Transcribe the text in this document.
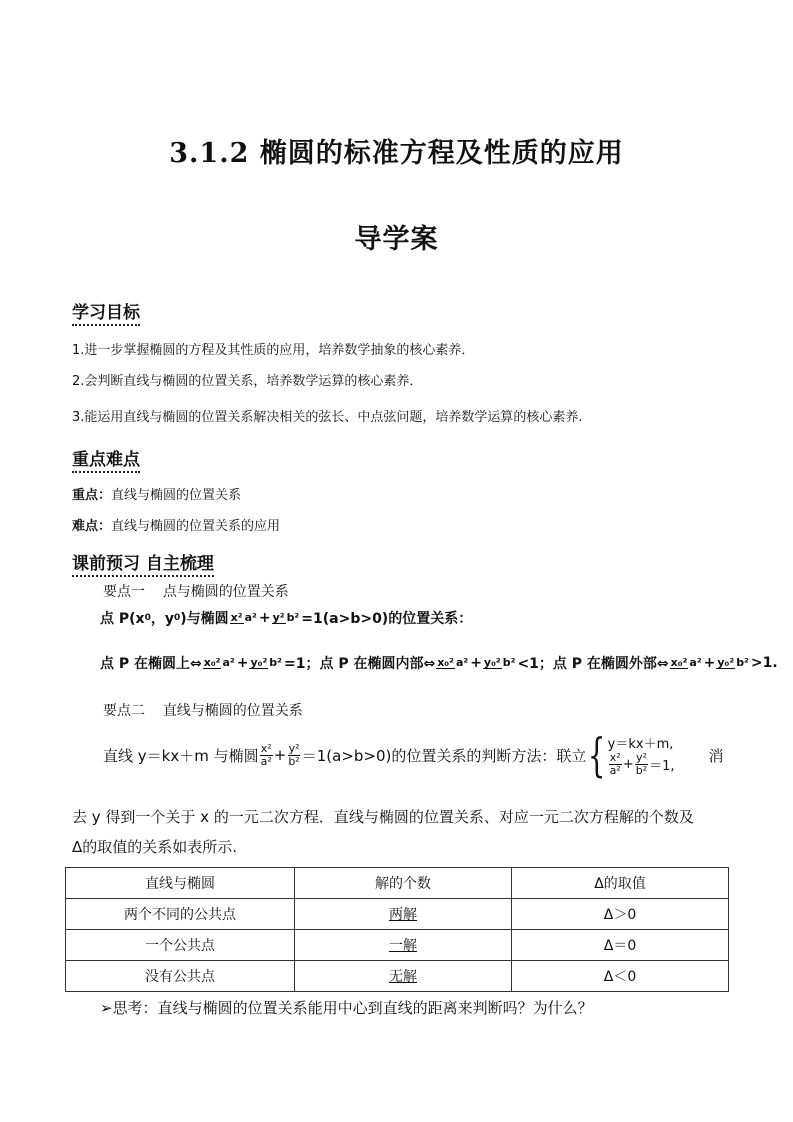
3.1.2 椭圆的标准方程及性质的应用
导学案
学习目标
1.进一步掌握椭圆的方程及其性质的应用，培养数学抽象的核心素养．
2.会判断直线与椭圆的位置关系，培养数学运算的核心素养．
3.能运用直线与椭圆的位置关系解决相关的弦长、中点弦问题，培养数学运算的核心素养.
重点难点
重点：直线与椭圆的位置关系
难点：直线与椭圆的位置关系的应用
课前预习 自主梳理
要点一 点与椭圆的位置关系
点 P(x 0 ，y 0 )与椭圆 x² a² + y² b² =1(a>b>0)的位置关系：
点 P 在椭圆上⇔ x₀² a² + y₀² b² =1；点 P 在椭圆内部⇔ x₀² a² + y₀² b² <1；点 P 在椭圆外部⇔ x₀² a² + y₀² b² >1.
要点二 直线与椭圆的位置关系
直线 y＝kx＋m 与椭圆 $\frac{\text{x²}}{\text{a²}} + \frac{\text{y²}}{\text{b²}} =1(a>b>0)$的位置关系的判断方法：联立 { y＝kx＋m,
$\frac{\text{x²}}{\text{a²}} + \frac{\text{y²}}{\text{b²}} =1$,
消
去 y 得到一个关于 x 的一元二次方程．直线与椭圆的位置关系、对应一元二次方程解的个数及
Δ的取值的关系如表所示.
直线与椭圆	解的个数	Δ的取值
两个不同的公共点	两解	Δ＞0
一个公共点	一解	Δ＝0
没有公共点	无解	Δ＜0
➢思考：直线与椭圆的位置关系能用中心到直线的距离来判断吗？为什么？
